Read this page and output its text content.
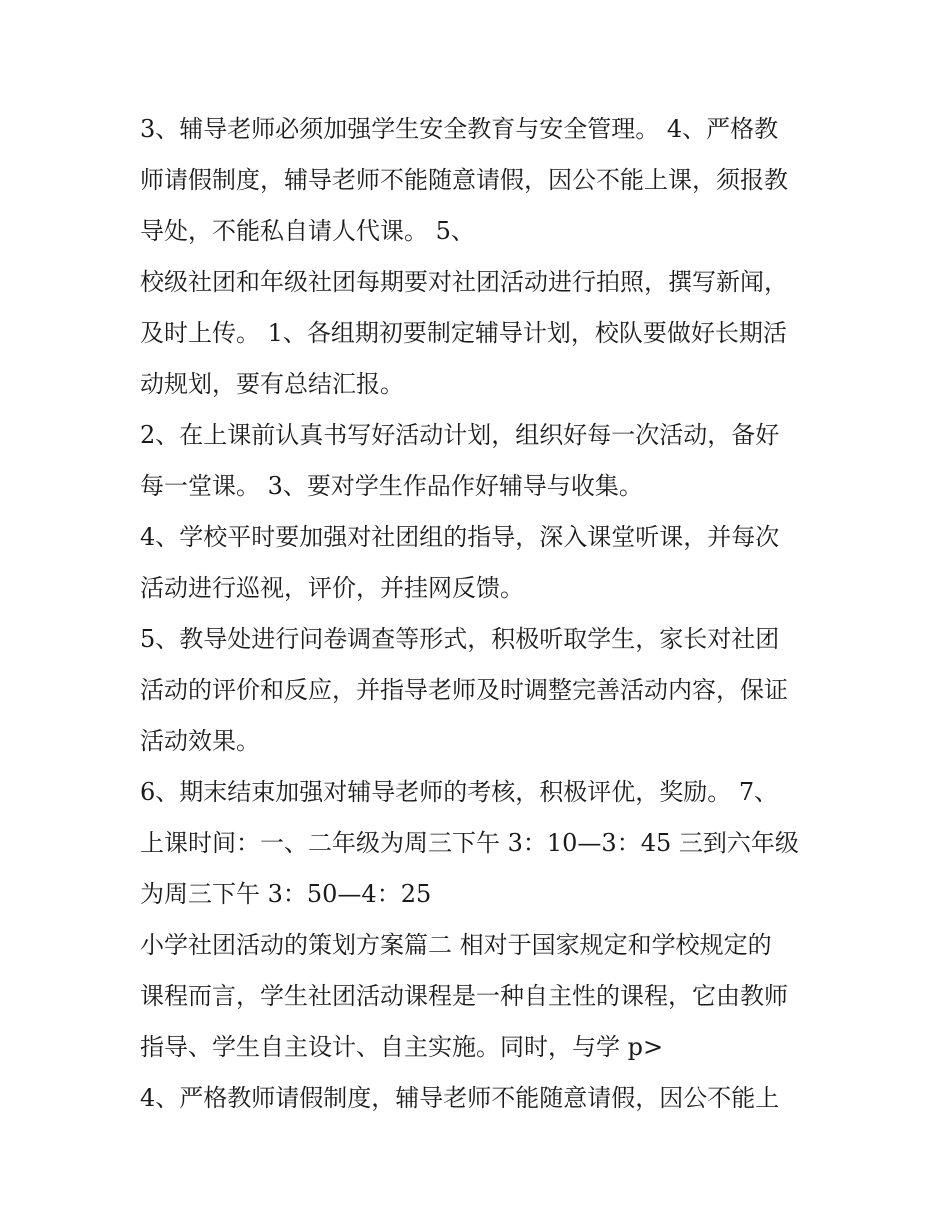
3、辅导老师必须加强学生安全教育与安全管理。 4、严格教
师请假制度，辅导老师不能随意请假，因公不能上课，须报教
导处，不能私自请人代课。 5、
校级社团和年级社团每期要对社团活动进行拍照，撰写新闻，
及时上传。 1、各组期初要制定辅导计划，校队要做好长期活
动规划，要有总结汇报。
2、在上课前认真书写好活动计划，组织好每一次活动，备好
每一堂课。 3、要对学生作品作好辅导与收集。
4、学校平时要加强对社团组的指导，深入课堂听课，并每次
活动进行巡视，评价，并挂网反馈。
5、教导处进行问卷调查等形式，积极听取学生，家长对社团
活动的评价和反应，并指导老师及时调整完善活动内容，保证
活动效果。
6、期末结束加强对辅导老师的考核，积极评优，奖励。 7、
上课时间：一、二年级为周三下午 3：10—3：45 三到六年级
为周三下午 3：50—4：25
小学社团活动的策划方案篇二 相对于国家规定和学校规定的
课程而言，学生社团活动课程是一种自主性的课程，它由教师
指导、学生自主设计、自主实施。同时，与学 p>
4、严格教师请假制度，辅导老师不能随意请假，因公不能上
